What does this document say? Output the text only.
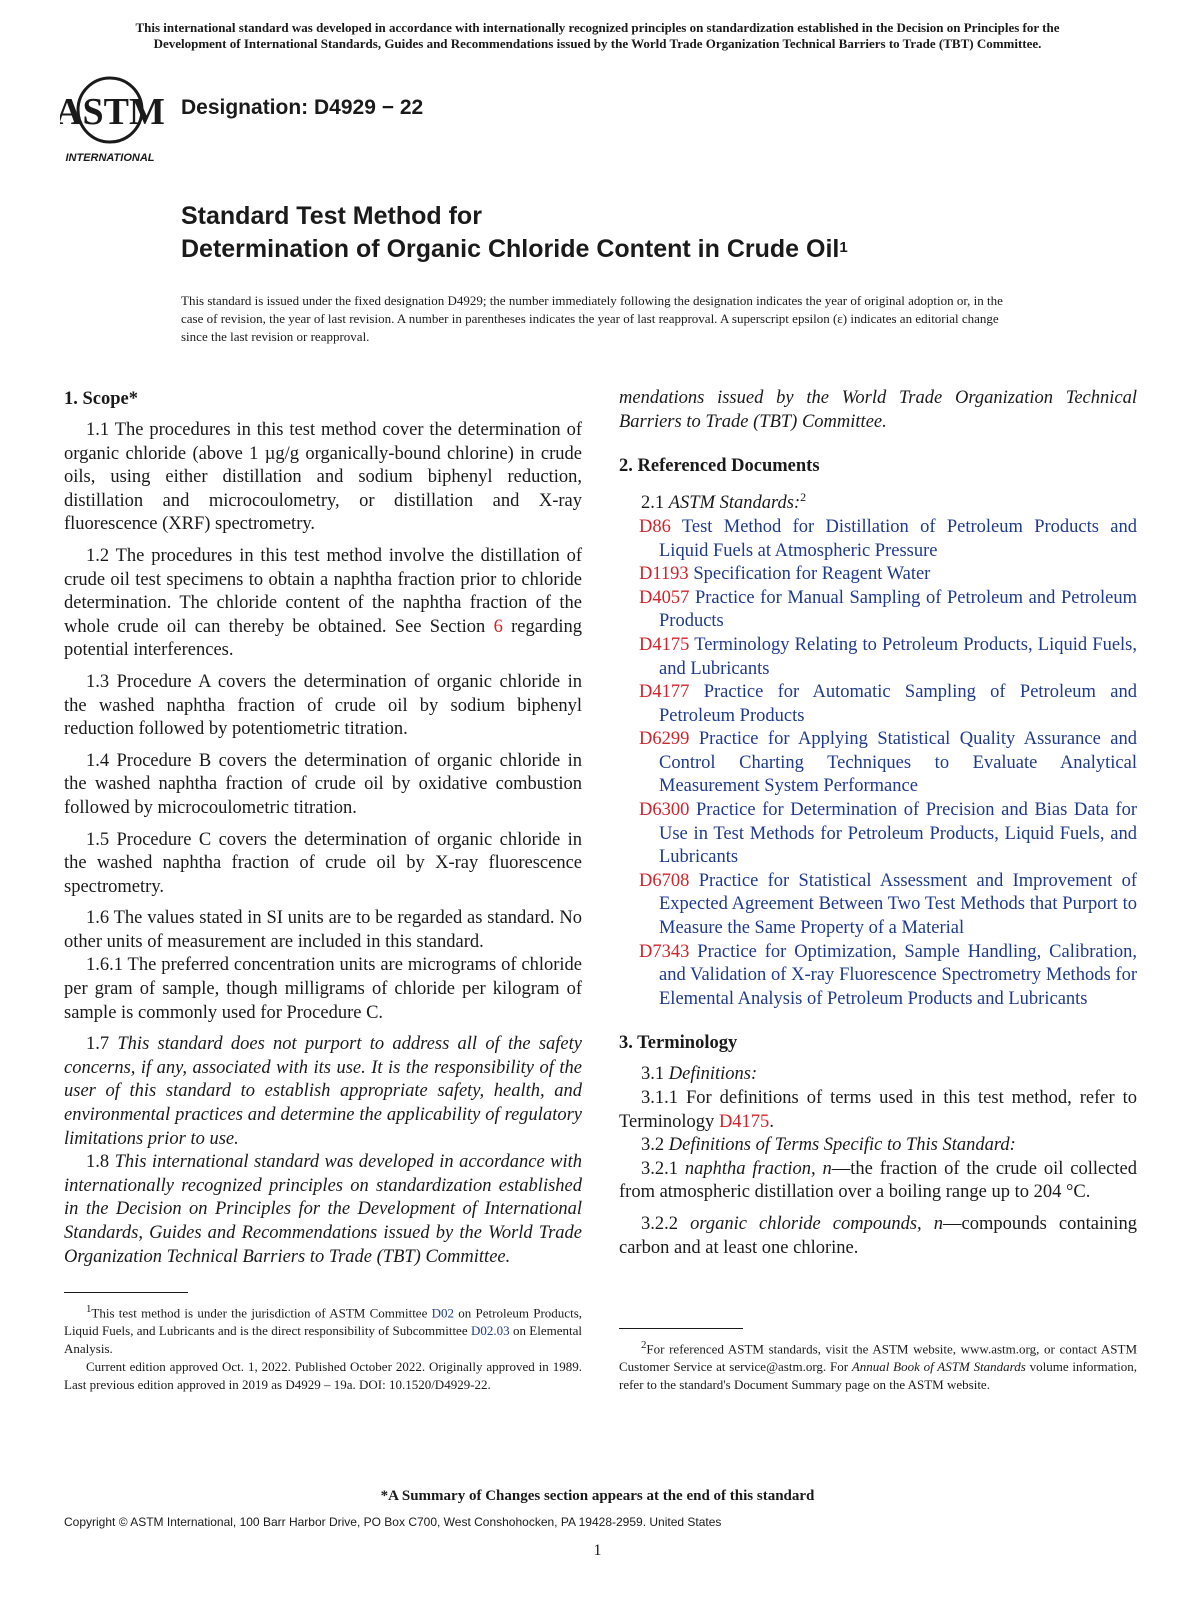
This international standard was developed in accordance with internationally recognized principles on standardization established in the Decision on Principles for the
Development of International Standards, Guides and Recommendations issued by the World Trade Organization Technical Barriers to Trade (TBT) Committee.
ASTM
INTERNATIONAL
Designation: D4929 − 22
Standard Test Method for
Determination of Organic Chloride Content in Crude Oil$^1$
This standard is issued under the fixed designation D4929; the number immediately following the designation indicates the year of original adoption or, in the case of revision, the year of last revision. A number in parentheses indicates the year of last reapproval. A superscript epsilon (ε) indicates an editorial change since the last revision or reapproval.
1. Scope*

1.1 The procedures in this test method cover the determination of organic chloride (above 1 µg/g organically-bound chlorine) in crude oils, using either distillation and sodium biphenyl reduction, distillation and microcoulometry, or distillation and X-ray fluorescence (XRF) spectrometry.

1.2 The procedures in this test method involve the distillation of crude oil test specimens to obtain a naphtha fraction prior to chloride determination. The chloride content of the naphtha fraction of the whole crude oil can thereby be obtained. See Section 6 regarding potential interferences.

1.3 Procedure A covers the determination of organic chloride in the washed naphtha fraction of crude oil by sodium biphenyl reduction followed by potentiometric titration.

1.4 Procedure B covers the determination of organic chloride in the washed naphtha fraction of crude oil by oxidative combustion followed by microcoulometric titration.

1.5 Procedure C covers the determination of organic chloride in the washed naphtha fraction of crude oil by X-ray fluorescence spectrometry.

1.6 The values stated in SI units are to be regarded as standard. No other units of measurement are included in this standard.

1.6.1 The preferred concentration units are micrograms of chloride per gram of sample, though milligrams of chloride per kilogram of sample is commonly used for Procedure C.

1.7 This standard does not purport to address all of the safety concerns, if any, associated with its use. It is the responsibility of the user of this standard to establish appropriate safety, health, and environmental practices and determine the applicability of regulatory limitations prior to use.

1.8 This international standard was developed in accordance with internationally recognized principles on standardization established in the Decision on Principles for the Development of International Standards, Guides and Recommendations issued by the World Trade Organization Technical Barriers to Trade (TBT) Committee.

$^1$This test method is under the jurisdiction of ASTM Committee D02 on Petroleum Products, Liquid Fuels, and Lubricants and is the direct responsibility of Subcommittee D02.03 on Elemental Analysis.

Current edition approved Oct. 1, 2022. Published October 2022. Originally approved in 1989. Last previous edition approved in 2019 as D4929 – 19a. DOI: 10.1520/D4929-22.

mendations issued by the World Trade Organization Technical Barriers to Trade (TBT) Committee.

2. Referenced Documents

2.1 ASTM Standards:$^2$

D86 Test Method for Distillation of Petroleum Products and Liquid Fuels at Atmospheric Pressure

D1193 Specification for Reagent Water

D4057 Practice for Manual Sampling of Petroleum and Petroleum Products

D4175 Terminology Relating to Petroleum Products, Liquid Fuels, and Lubricants

D4177 Practice for Automatic Sampling of Petroleum and Petroleum Products

D6299 Practice for Applying Statistical Quality Assurance and Control Charting Techniques to Evaluate Analytical Measurement System Performance

D6300 Practice for Determination of Precision and Bias Data for Use in Test Methods for Petroleum Products, Liquid Fuels, and Lubricants

D6708 Practice for Statistical Assessment and Improvement of Expected Agreement Between Two Test Methods that Purport to Measure the Same Property of a Material

D7343 Practice for Optimization, Sample Handling, Calibration, and Validation of X-ray Fluorescence Spectrometry Methods for Elemental Analysis of Petroleum Products and Lubricants

3. Terminology

3.1 Definitions:

3.1.1 For definitions of terms used in this test method, refer to Terminology D4175.

3.2 Definitions of Terms Specific to This Standard:

3.2.1 naphtha fraction, n—the fraction of the crude oil collected from atmospheric distillation over a boiling range up to 204 °C.

3.2.2 organic chloride compounds, n—compounds containing carbon and at least one chlorine.

$^2$For referenced ASTM standards, visit the ASTM website, www.astm.org, or contact ASTM Customer Service at service@astm.org. For Annual Book of ASTM Standards volume information, refer to the standard's Document Summary page on the ASTM website.

*A Summary of Changes section appears at the end of this standard
Copyright © ASTM International, 100 Barr Harbor Drive, PO Box C700, West Conshohocken, PA 19428-2959. United States
1
